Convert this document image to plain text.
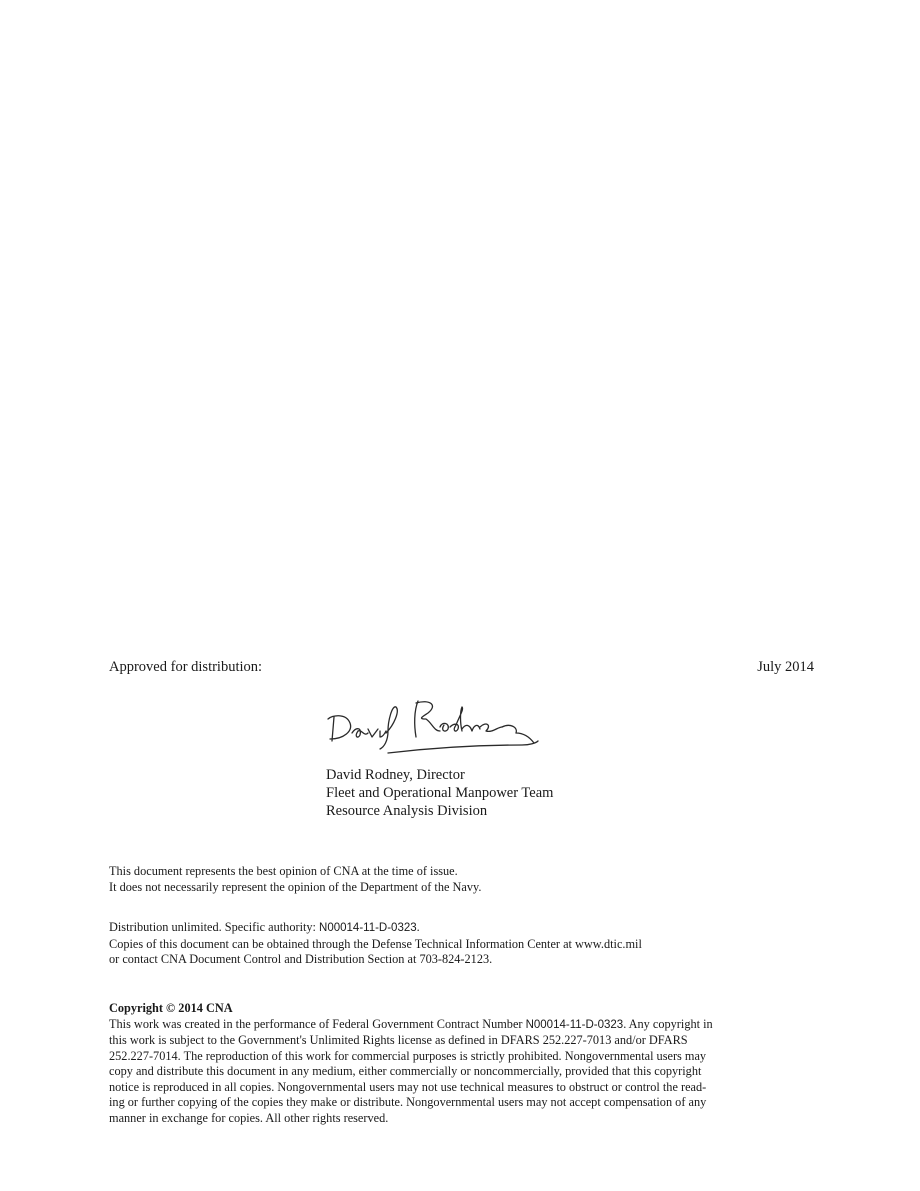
Approved for distribution:	July 2014
David Rodney, Director
Fleet and Operational Manpower Team
Resource Analysis Division
This document represents the best opinion of CNA at the time of issue.
It does not necessarily represent the opinion of the Department of the Navy.
Distribution unlimited. Specific authority: N00014-11-D-0323.
Copies of this document can be obtained through the Defense Technical Information Center at www.dtic.mil
or contact CNA Document Control and Distribution Section at 703-824-2123.
Copyright © 2014 CNA
This work was created in the performance of Federal Government Contract Number N00014-11-D-0323. Any copyright in
this work is subject to the Government's Unlimited Rights license as defined in DFARS 252.227-7013 and/or DFARS
252.227-7014. The reproduction of this work for commercial purposes is strictly prohibited. Nongovernmental users may
copy and distribute this document in any medium, either commercially or noncommercially, provided that this copyright
notice is reproduced in all copies. Nongovernmental users may not use technical measures to obstruct or control the read-
ing or further copying of the copies they make or distribute. Nongovernmental users may not accept compensation of any
manner in exchange for copies. All other rights reserved.
